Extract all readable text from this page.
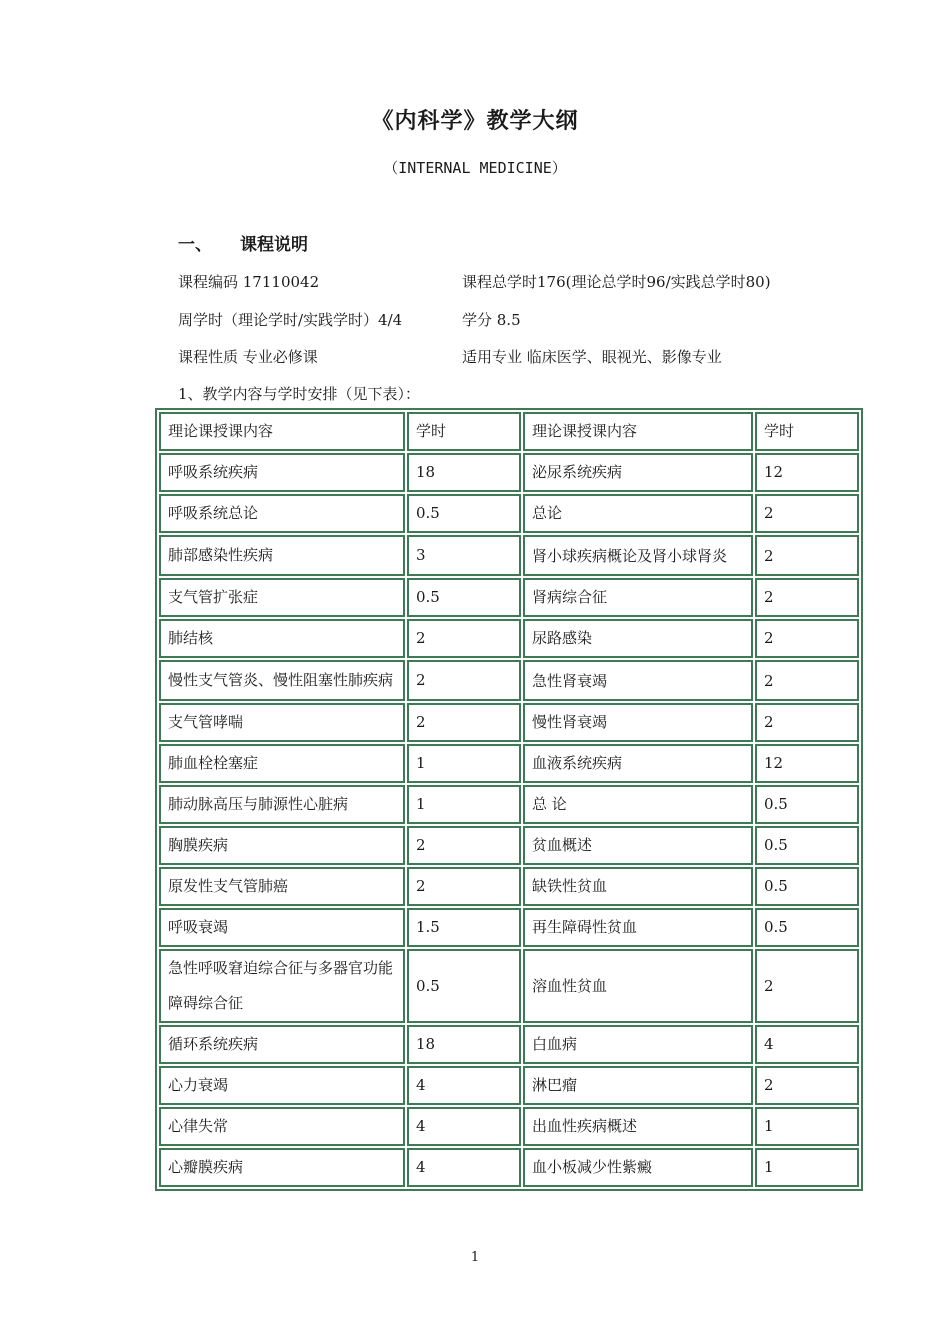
《内科学》教学大纲
（INTERNAL MEDICINE）
一、 课程说明
课程编码 17110042	课程总学时176(理论总学时96/实践总学时80)
周学时（理论学时/实践学时）4/4	学分 8.5
课程性质 专业必修课	适用专业 临床医学、眼视光、影像专业
1、教学内容与学时安排（见下表）：
理论课授课内容	学时	理论课授课内容	学时
呼吸系统疾病	18	泌尿系统疾病	12
呼吸系统总论	0.5	总论	2
肺部感染性疾病	3	肾小球疾病概论及肾小球肾炎	2
支气管扩张症	0.5	肾病综合征	2
肺结核	2	尿路感染	2
慢性支气管炎、慢性阻塞性肺疾病	2	急性肾衰竭	2
支气管哮喘	2	慢性肾衰竭	2
肺血栓栓塞症	1	血液系统疾病	12
肺动脉高压与肺源性心脏病	1	总 论	0.5
胸膜疾病	2	贫血概述	0.5
原发性支气管肺癌	2	缺铁性贫血	0.5
呼吸衰竭	1.5	再生障碍性贫血	0.5
急性呼吸窘迫综合征与多器官功能障碍综合征	0.5	溶血性贫血	2
循环系统疾病	18	白血病	4
心力衰竭	4	淋巴瘤	2
心律失常	4	出血性疾病概述	1
心瓣膜疾病	4	血小板减少性紫癜	1
1
